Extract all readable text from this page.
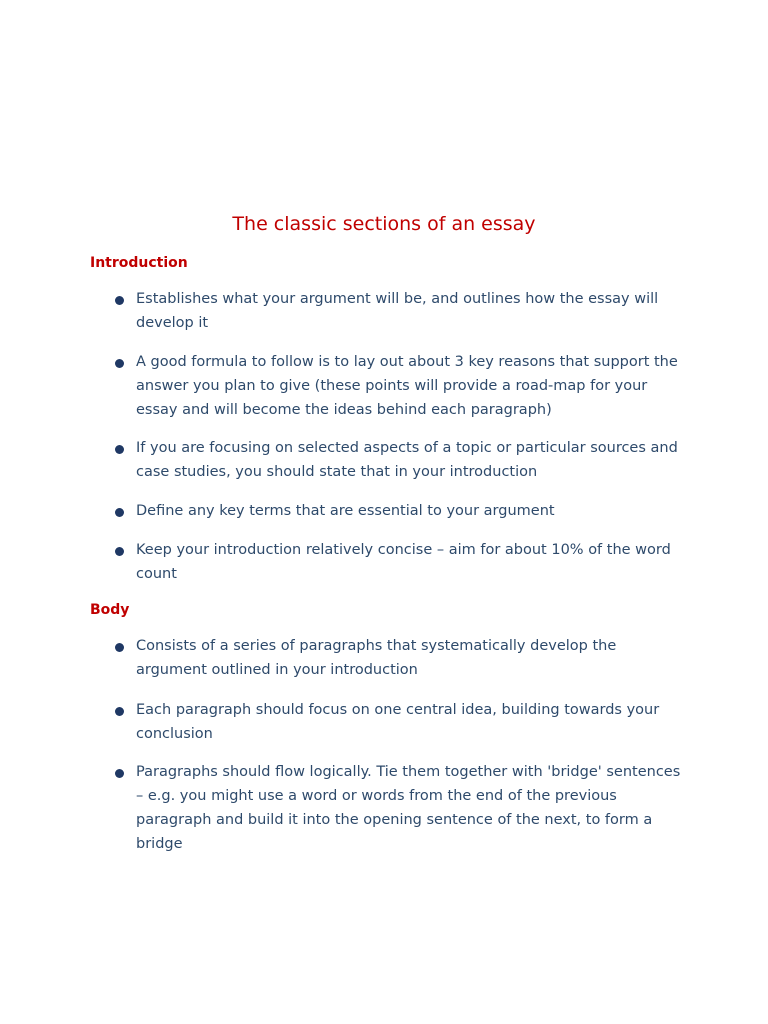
The classic sections of an essay
Introduction
Establishes what your argument will be, and outlines how the essay will develop it
A good formula to follow is to lay out about 3 key reasons that support the answer you plan to give (these points will provide a road-map for your essay and will become the ideas behind each paragraph)
If you are focusing on selected aspects of a topic or particular sources and case studies, you should state that in your introduction
Define any key terms that are essential to your argument
Keep your introduction relatively concise – aim for about 10% of the word count
Body
Consists of a series of paragraphs that systematically develop the argument outlined in your introduction
Each paragraph should focus on one central idea, building towards your conclusion
Paragraphs should flow logically. Tie them together with 'bridge' sentences – e.g. you might use a word or words from the end of the previous paragraph and build it into the opening sentence of the next, to form a bridge
